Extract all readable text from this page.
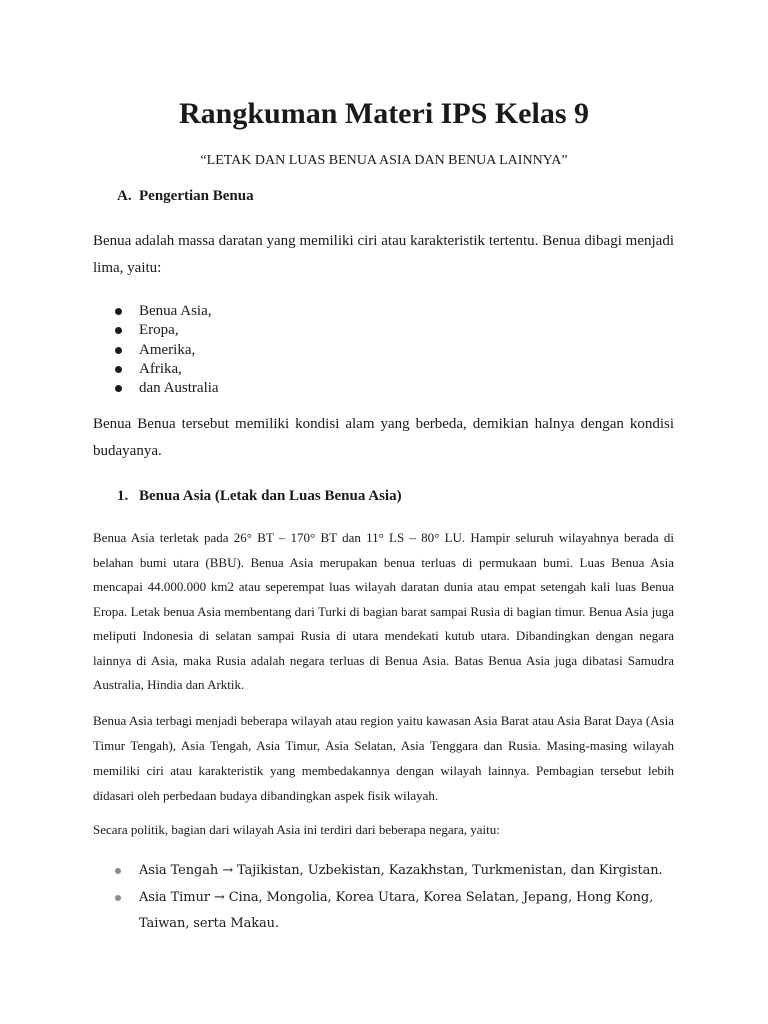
Rangkuman Materi IPS Kelas 9

“LETAK DAN LUAS BENUA ASIA DAN BENUA LAINNYA”

A. Pengertian Benua

Benua adalah massa daratan yang memiliki ciri atau karakteristik tertentu. Benua dibagi menjadi lima, yaitu:

Benua Asia,
Eropa,
Amerika,
Afrika,
dan Australia

Benua Benua tersebut memiliki kondisi alam yang berbeda, demikian halnya dengan kondisi budayanya.

1. Benua Asia (Letak dan Luas Benua Asia)

Benua Asia terletak pada 26° BT – 170° BT dan 11° LS – 80° LU. Hampir seluruh wilayahnya berada di belahan bumi utara (BBU). Benua Asia merupakan benua terluas di permukaan bumi. Luas Benua Asia mencapai 44.000.000 km2 atau seperempat luas wilayah daratan dunia atau empat setengah kali luas Benua Eropa. Letak benua Asia membentang dari Turki di bagian barat sampai Rusia di bagian timur. Benua Asia juga meliputi Indonesia di selatan sampai Rusia di utara mendekati kutub utara. Dibandingkan dengan negara lainnya di Asia, maka Rusia adalah negara terluas di Benua Asia. Batas Benua Asia juga dibatasi Samudra Australia, Hindia dan Arktik.

Benua Asia terbagi menjadi beberapa wilayah atau region yaitu kawasan Asia Barat atau Asia Barat Daya (Asia Timur Tengah), Asia Tengah, Asia Timur, Asia Selatan, Asia Tenggara dan Rusia. Masing-masing wilayah memiliki ciri atau karakteristik yang membedakannya dengan wilayah lainnya. Pembagian tersebut lebih didasari oleh perbedaan budaya dibandingkan aspek fisik wilayah.

Secara politik, bagian dari wilayah Asia ini terdiri dari beberapa negara, yaitu:

Asia Tengah → Tajikistan, Uzbekistan, Kazakhstan, Turkmenistan, dan Kirgistan.
Asia Timur → Cina, Mongolia, Korea Utara, Korea Selatan, Jepang, Hong Kong, Taiwan, serta Makau.
